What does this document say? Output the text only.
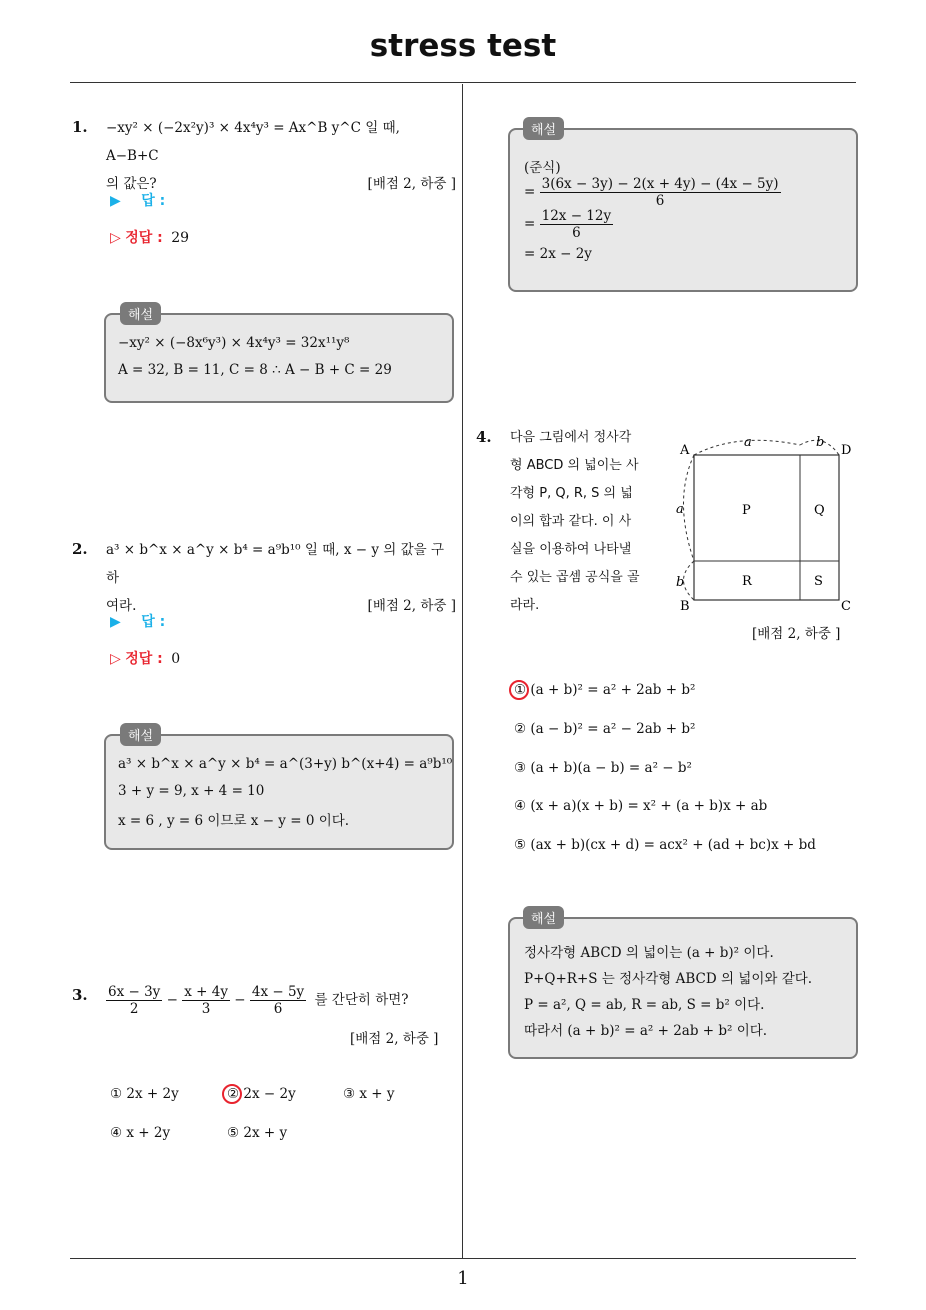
stress test
1
1. −xy² × (−2x²y)³ × 4x⁴y³ = Ax^B y^C 일 때, A−B+C
의 값은?	[배점 2, 하중 ]
▶ 답 :
▷ 정답 : 29
−xy² × (−8x⁶y³) × 4x⁴y³ = 32x¹¹y⁸
A = 32, B = 11, C = 8 ∴ A − B + C = 29
해설
2. a³ × b^x × a^y × b⁴ = a⁹b¹⁰ 일 때, x − y 의 값을 구하
여라.	[배점 2, 하중 ]
▶ 답 :
▷ 정답 : 0
a³ × b^x × a^y × b⁴ = a^(3+y) b^(x+4) = a⁹b¹⁰
3 + y = 9, x + 4 = 10
x = 6 , y = 6 이므로 x − y = 0 이다.
해설
3. $\frac{6x - 3y}{2} - \frac{x + 4y}{3} - \frac{4x - 5y}{6}$ 를 간단히 하면?
[배점 2, 하중 ]
① 2x + 2y	② 2x − 2y	③ x + y
④ x + 2y	⑤ 2x + y
(준식)
= $\frac{3(6x - 3y) - 2(x + 4y) - (4x - 5y)}{6}$
= $\frac{12x - 12y}{6}$
= 2x − 2y
해설
4. 다음 그림에서 정사각
형 ABCD 의 넓이는 사
각형 P, Q, R, S 의 넓
이의 합과 같다. 이 사
실을 이용하여 나타낼
수 있는 곱셈 공식을 골
라라.
A	D
B	C
a	b
a
b
P	Q
R	S
[배점 2, 하중 ]
① (a + b)² = a² + 2ab + b²
② (a − b)² = a² − 2ab + b²
③ (a + b)(a − b) = a² − b²
④ (x + a)(x + b) = x² + (a + b)x + ab
⑤ (ax + b)(cx + d) = acx² + (ad + bc)x + bd
정사각형 ABCD 의 넓이는 (a + b)² 이다.
P+Q+R+S 는 정사각형 ABCD 의 넓이와 같다.
P = a², Q = ab, R = ab, S = b² 이다.
따라서 (a + b)² = a² + 2ab + b² 이다.
해설
